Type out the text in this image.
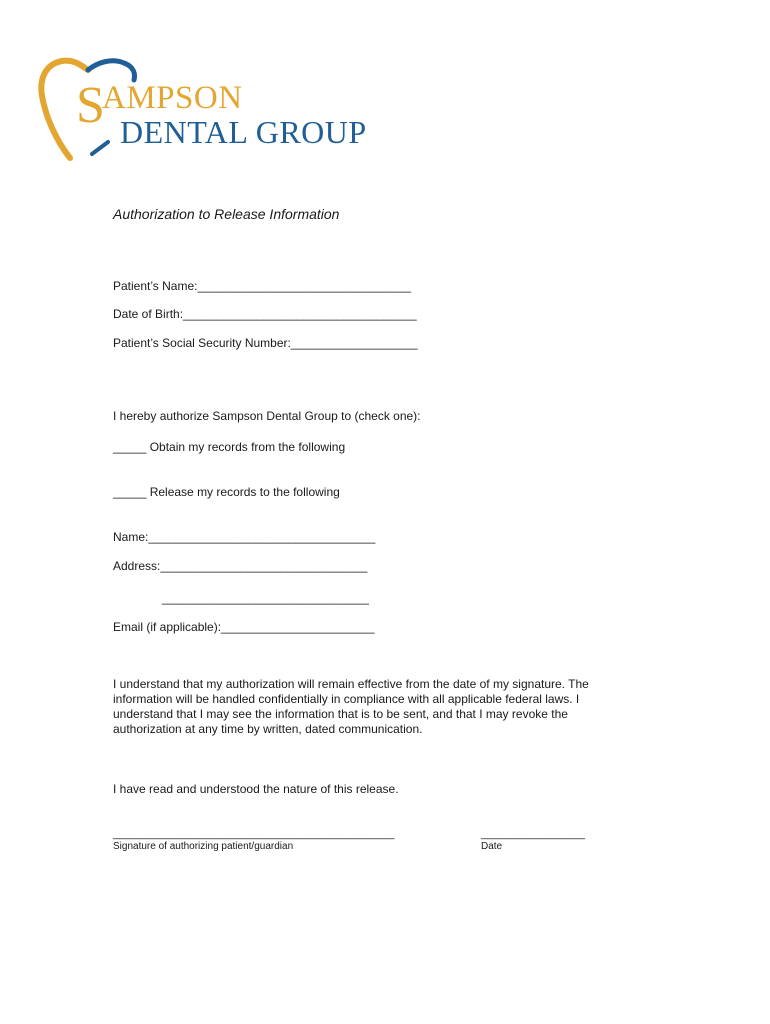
S
AMPSON
DENTAL GROUP
Authorization to Release Information
Patient’s Name:________________________________
Date of Birth:___________________________________
Patient’s Social Security Number:___________________
I hereby authorize Sampson Dental Group to (check one):
_____ Obtain my records from the following
_____ Release my records to the following
Name:__________________________________
Address:_______________________________
_______________________________
Email (if applicable):_______________________
I understand that my authorization will remain effective from the date of my signature. The
information will be handled confidentially in compliance with all applicable federal laws. I
understand that I may see the information that is to be sent, and that I may revoke the
authorization at any time by written, dated communication.
I have read and understood the nature of this release.
______________________________________________
Signature of authorizing patient/guardian
_________________
Date
